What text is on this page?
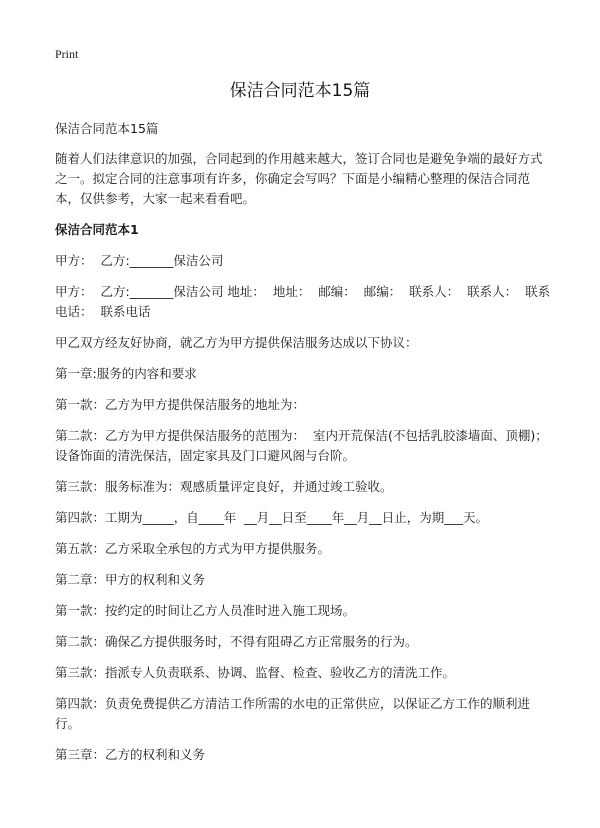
Print
保洁合同范本15篇
保洁合同范本15篇
随着人们法律意识的加强，合同起到的作用越来越大，签订合同也是避免争端的最好方式之一。拟定合同的注意事项有许多，你确定会写吗？下面是小编精心整理的保洁合同范本，仅供参考，大家一起来看看吧。
保洁合同范本1
甲方：  乙方:_______保洁公司
甲方：  乙方:_______保洁公司 地址：  地址：  邮编：  邮编：  联系人：  联系人：  联系电话：  联系电话
甲乙双方经友好协商，就乙方为甲方提供保洁服务达成以下协议：
第一章:服务的内容和要求
第一款：乙方为甲方提供保洁服务的地址为：
第二款：乙方为甲方提供保洁服务的范围为：  室内开荒保洁(不包括乳胶漆墙面、顶棚)；设备饰面的清洗保洁，固定家具及门口避风阁与台阶。
第三款：服务标准为：观感质量评定良好，并通过竣工验收。
第四款：工期为_____，自____年  __月__日至____年__月__日止，为期___天。
第五款：乙方采取全承包的方式为甲方提供服务。
第二章：甲方的权利和义务
第一款：按约定的时间让乙方人员准时进入施工现场。
第二款：确保乙方提供服务时，不得有阻碍乙方正常服务的行为。
第三款：指派专人负责联系、协调、监督、检查、验收乙方的清洗工作。
第四款：负责免费提供乙方清洁工作所需的水电的正常供应，以保证乙方工作的顺利进行。
第三章：乙方的权利和义务
